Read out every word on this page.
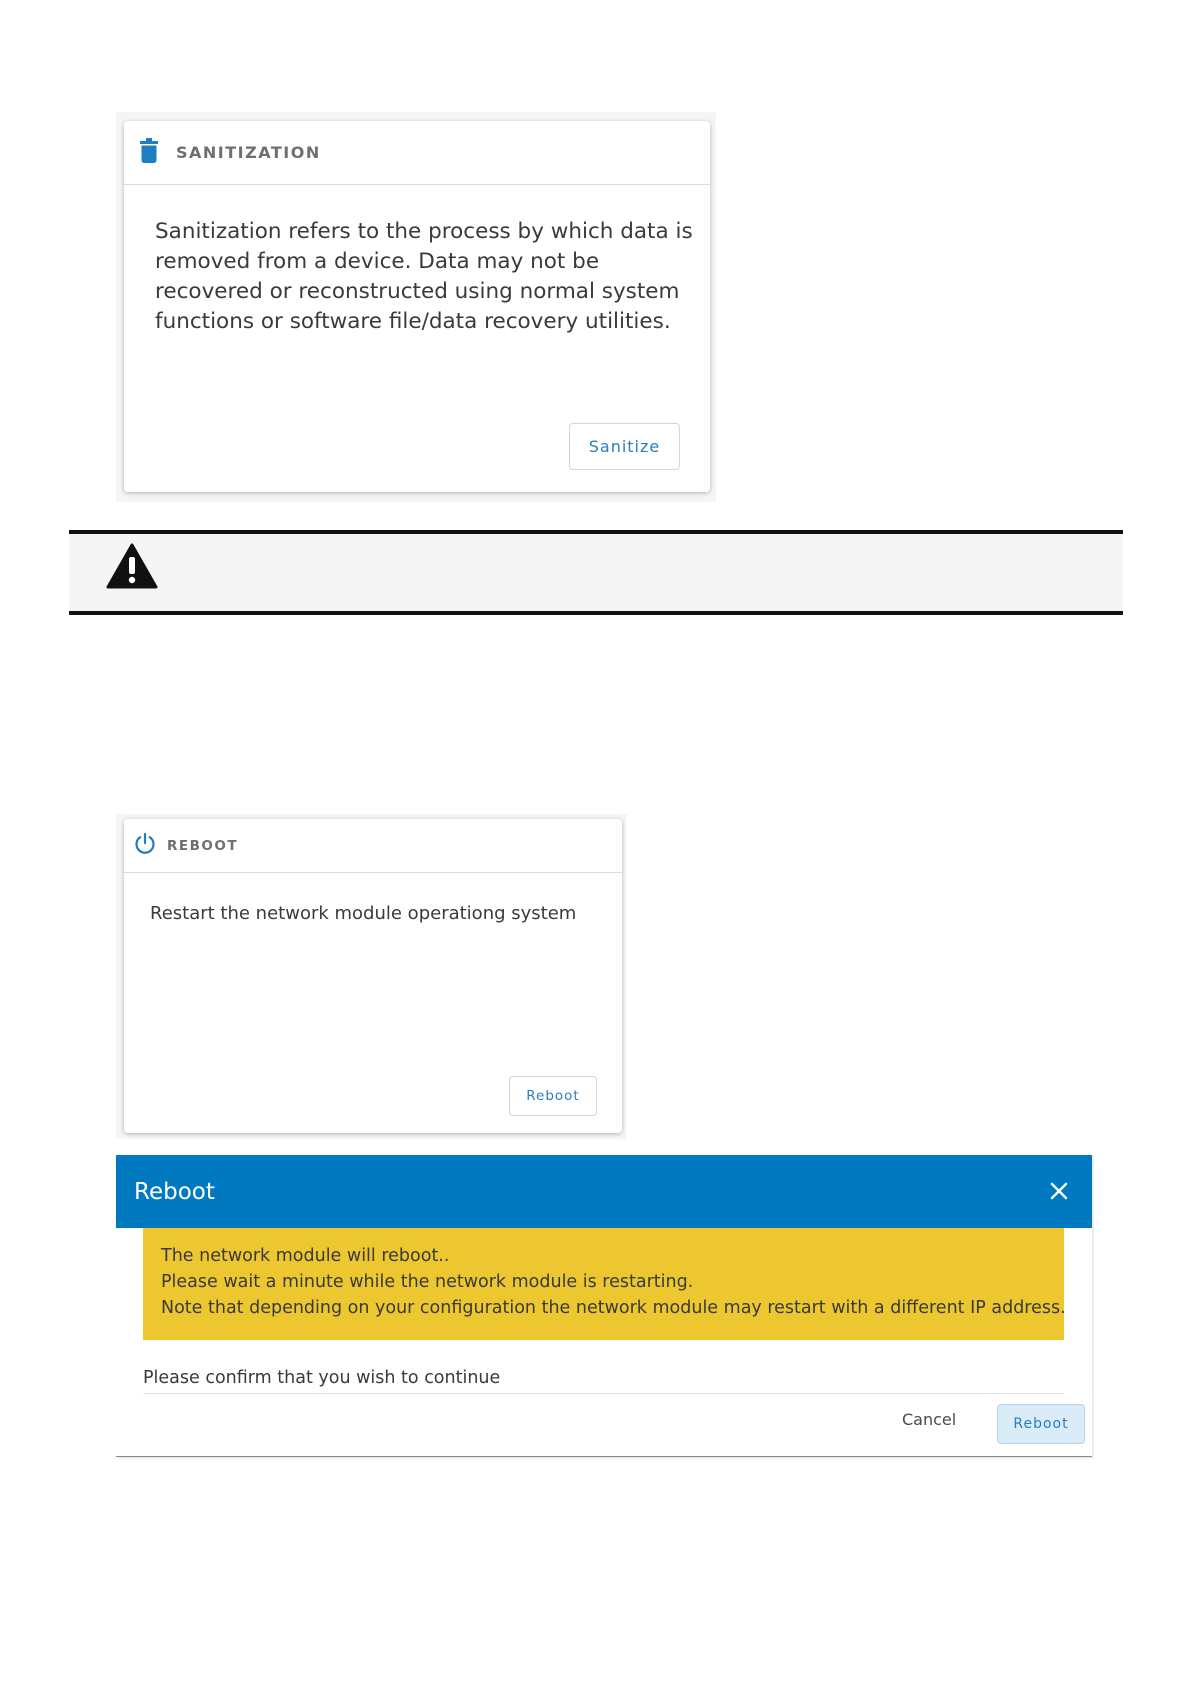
SANITIZATION
Sanitization refers to the process by which data is removed from a device. Data may not be recovered or reconstructed using normal system functions or software file/data recovery utilities.
Sanitize
REBOOT
Restart the network module operationg system
Reboot
Reboot
The network module will reboot..
Please wait a minute while the network module is restarting.
Note that depending on your configuration the network module may restart with a different IP address.
Please confirm that you wish to continue
Cancel	Reboot
